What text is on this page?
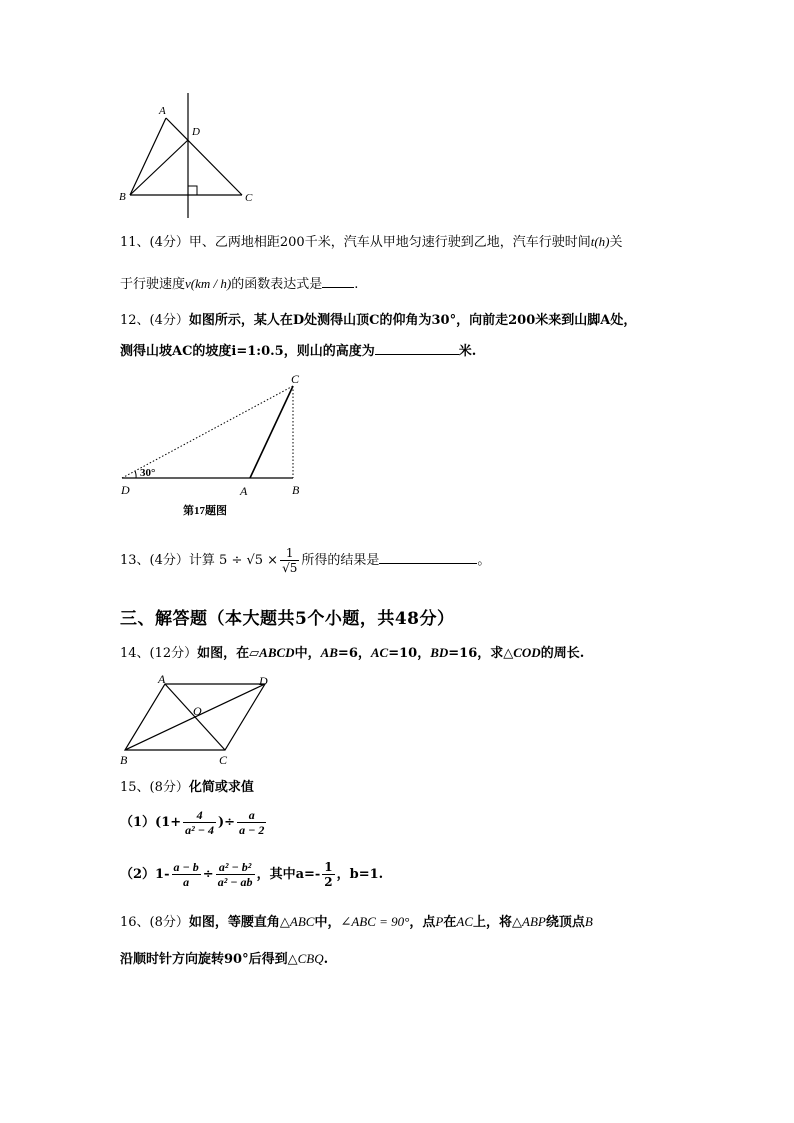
A
D
B	C
11、(4分）甲、乙两地相距200千米，汽车从甲地匀速行驶到乙地，汽车行驶时间t(h)关
于行驶速度v(km / h)的函数表达式是 .
12、(4分）如图所示，某人在D处测得山顶C的仰角为30°，向前走200米来到山脚A处，
测得山坡AC的坡度i=1:0.5，则山的高度为	米.
30°
C
D	A	B
第17题图
13、(4分）计算 $5 \div √5 \times \frac{1}{√5}$ 所得的结果是	。
三、解答题（本大题共5个小题，共48分）
14、(12分）如图，在▱ABCD中，AB=6，AC=10，BD=16，求△COD的周长.
A	D
O
B	C
15、(8分）化简或求值
$(1)(1+ \frac{4}{\text{a² − 4}}$ )÷ $\frac{a}{a - 2}$
$(2)1- \frac{a - b}{a} \div \frac{\text{a² − b²}}{\text{a² − ab}}$ ，其中$a=- \frac{1}{2}$ ，b=1.
16、(8分）如图，等腰直角△ABC中，∠ABC = 90°，点P在AC上，将△ABP绕顶点B
沿顺时针方向旋转90°后得到△CBQ.
